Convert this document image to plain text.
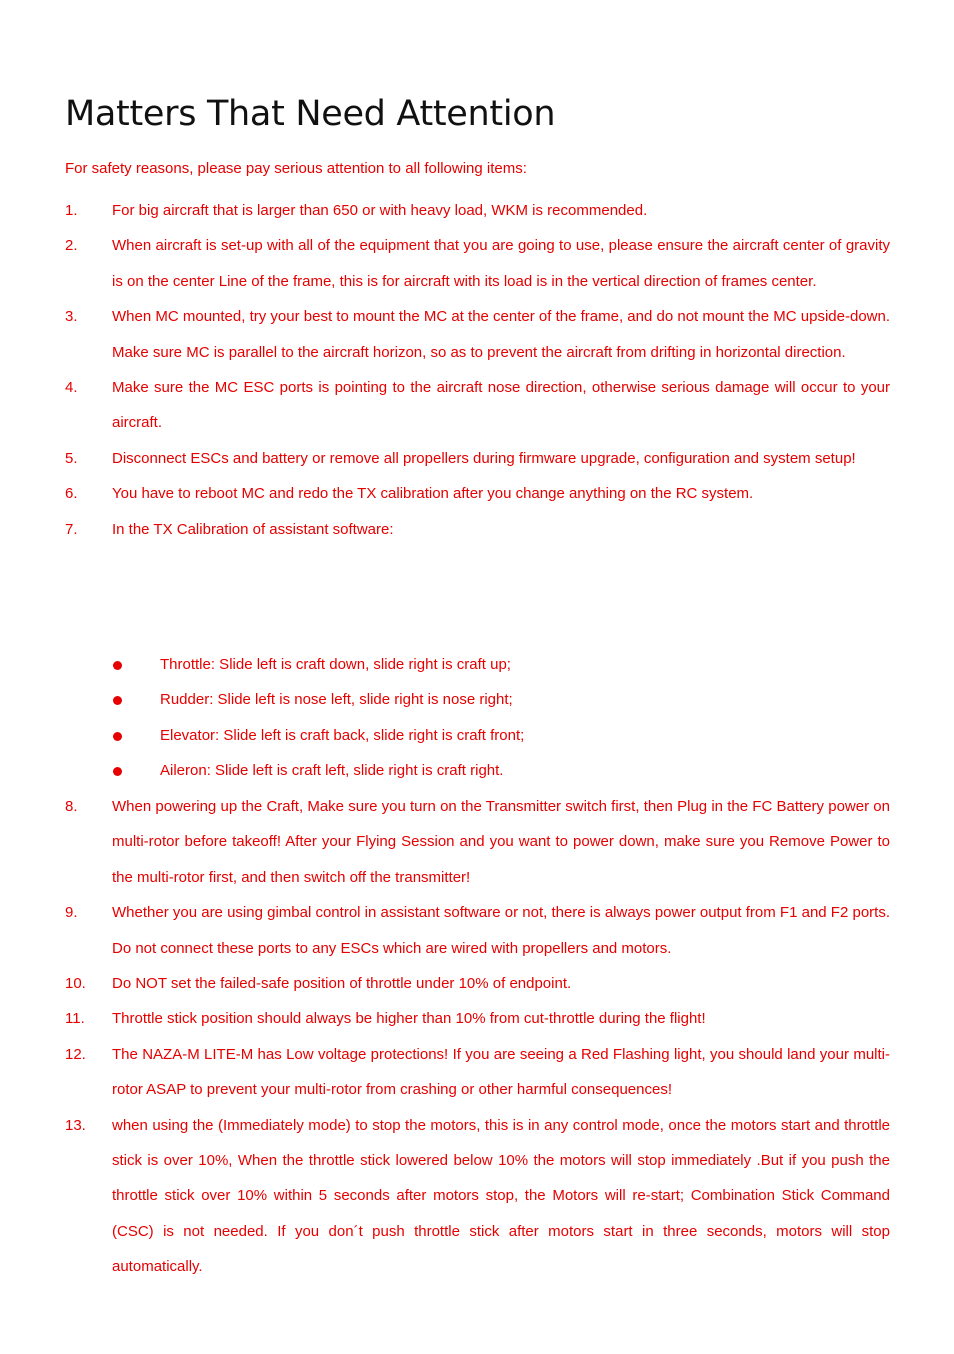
Matters That Need Attention
For safety reasons, please pay serious attention to all following items:
1.	For big aircraft that is larger than 650 or with heavy load, WKM is recommended.
2.	When aircraft is set-up with all of the equipment that you are going to use, please ensure the aircraft center of gravity is on the center Line of the frame, this is for aircraft with its load is in the vertical direction of frames center.
3.	When MC mounted, try your best to mount the MC at the center of the frame, and do not mount the MC upside-down. Make sure MC is parallel to the aircraft horizon, so as to prevent the aircraft from drifting in horizontal direction.
4.	Make sure the MC ESC ports is pointing to the aircraft nose direction, otherwise serious damage will occur to your aircraft.
5.	Disconnect ESCs and battery or remove all propellers during firmware upgrade, configuration and system setup!
6.	You have to reboot MC and redo the TX calibration after you change anything on the RC system.
7.	In the TX Calibration of assistant software:
Throttle: Slide left is craft down, slide right is craft up;
Rudder: Slide left is nose left, slide right is nose right;
Elevator: Slide left is craft back, slide right is craft front;
Aileron: Slide left is craft left, slide right is craft right.
8.	When powering up the Craft, Make sure you turn on the Transmitter switch first, then Plug in the FC Battery power on multi-rotor before takeoff! After your Flying Session and you want to power down, make sure you Remove Power to the multi-rotor first, and then switch off the transmitter!
9.	Whether you are using gimbal control in assistant software or not, there is always power output from F1 and F2 ports. Do not connect these ports to any ESCs which are wired with propellers and motors.
10.	Do NOT set the failed-safe position of throttle under 10% of endpoint.
11.	Throttle stick position should always be higher than 10% from cut-throttle during the flight!
12.	The NAZA-M LITE-M has Low voltage protections! If you are seeing a Red Flashing light, you should land your multi-rotor ASAP to prevent your multi-rotor from crashing or other harmful consequences!
13.	when using the (Immediately mode) to stop the motors, this is in any control mode, once the motors start and throttle stick is over 10%, When the throttle stick lowered below 10% the motors will stop immediately .But if you push the throttle stick over 10% within 5 seconds after motors stop, the Motors will re-start; Combination Stick Command (CSC) is not needed. If you don´t push throttle stick after motors start in three seconds, motors will stop automatically.
